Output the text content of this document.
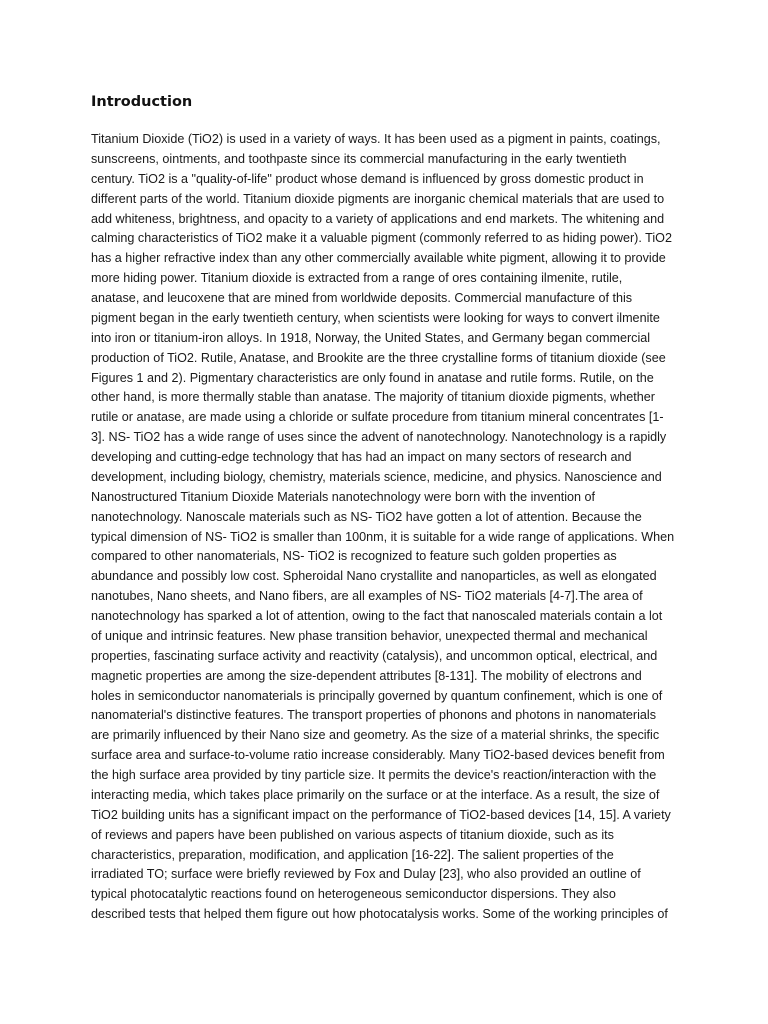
Introduction
Titanium Dioxide (TiO2) is used in a variety of ways. It has been used as a pigment in paints, coatings,
sunscreens, ointments, and toothpaste since its commercial manufacturing in the early twentieth
century. TiO2 is a "quality-of-life" product whose demand is influenced by gross domestic product in
different parts of the world. Titanium dioxide pigments are inorganic chemical materials that are used to
add whiteness, brightness, and opacity to a variety of applications and end markets. The whitening and
calming characteristics of TiO2 make it a valuable pigment (commonly referred to as hiding power). TiO2
has a higher refractive index than any other commercially available white pigment, allowing it to provide
more hiding power. Titanium dioxide is extracted from a range of ores containing ilmenite, rutile,
anatase, and leucoxene that are mined from worldwide deposits. Commercial manufacture of this
pigment began in the early twentieth century, when scientists were looking for ways to convert ilmenite
into iron or titanium-iron alloys. In 1918, Norway, the United States, and Germany began commercial
production of TiO2. Rutile, Anatase, and Brookite are the three crystalline forms of titanium dioxide (see
Figures 1 and 2). Pigmentary characteristics are only found in anatase and rutile forms. Rutile, on the
other hand, is more thermally stable than anatase. The majority of titanium dioxide pigments, whether
rutile or anatase, are made using a chloride or sulfate procedure from titanium mineral concentrates [1-
3]. NS- TiO2 has a wide range of uses since the advent of nanotechnology. Nanotechnology is a rapidly
developing and cutting-edge technology that has had an impact on many sectors of research and
development, including biology, chemistry, materials science, medicine, and physics. Nanoscience and
Nanostructured Titanium Dioxide Materials nanotechnology were born with the invention of
nanotechnology. Nanoscale materials such as NS- TiO2 have gotten a lot of attention. Because the
typical dimension of NS- TiO2 is smaller than 100nm, it is suitable for a wide range of applications. When
compared to other nanomaterials, NS- TiO2 is recognized to feature such golden properties as
abundance and possibly low cost. Spheroidal Nano crystallite and nanoparticles, as well as elongated
nanotubes, Nano sheets, and Nano fibers, are all examples of NS- TiO2 materials [4-7].The area of
nanotechnology has sparked a lot of attention, owing to the fact that nanoscaled materials contain a lot
of unique and intrinsic features. New phase transition behavior, unexpected thermal and mechanical
properties, fascinating surface activity and reactivity (catalysis), and uncommon optical, electrical, and
magnetic properties are among the size-dependent attributes [8-131]. The mobility of electrons and
holes in semiconductor nanomaterials is principally governed by quantum confinement, which is one of
nanomaterial's distinctive features. The transport properties of phonons and photons in nanomaterials
are primarily influenced by their Nano size and geometry. As the size of a material shrinks, the specific
surface area and surface-to-volume ratio increase considerably. Many TiO2-based devices benefit from
the high surface area provided by tiny particle size. It permits the device's reaction/interaction with the
interacting media, which takes place primarily on the surface or at the interface. As a result, the size of
TiO2 building units has a significant impact on the performance of TiO2-based devices [14, 15]. A variety
of reviews and papers have been published on various aspects of titanium dioxide, such as its
characteristics, preparation, modification, and application [16-22]. The salient properties of the
irradiated TO; surface were briefly reviewed by Fox and Dulay [23], who also provided an outline of
typical photocatalytic reactions found on heterogeneous semiconductor dispersions. They also
described tests that helped them figure out how photocatalysis works. Some of the working principles of
